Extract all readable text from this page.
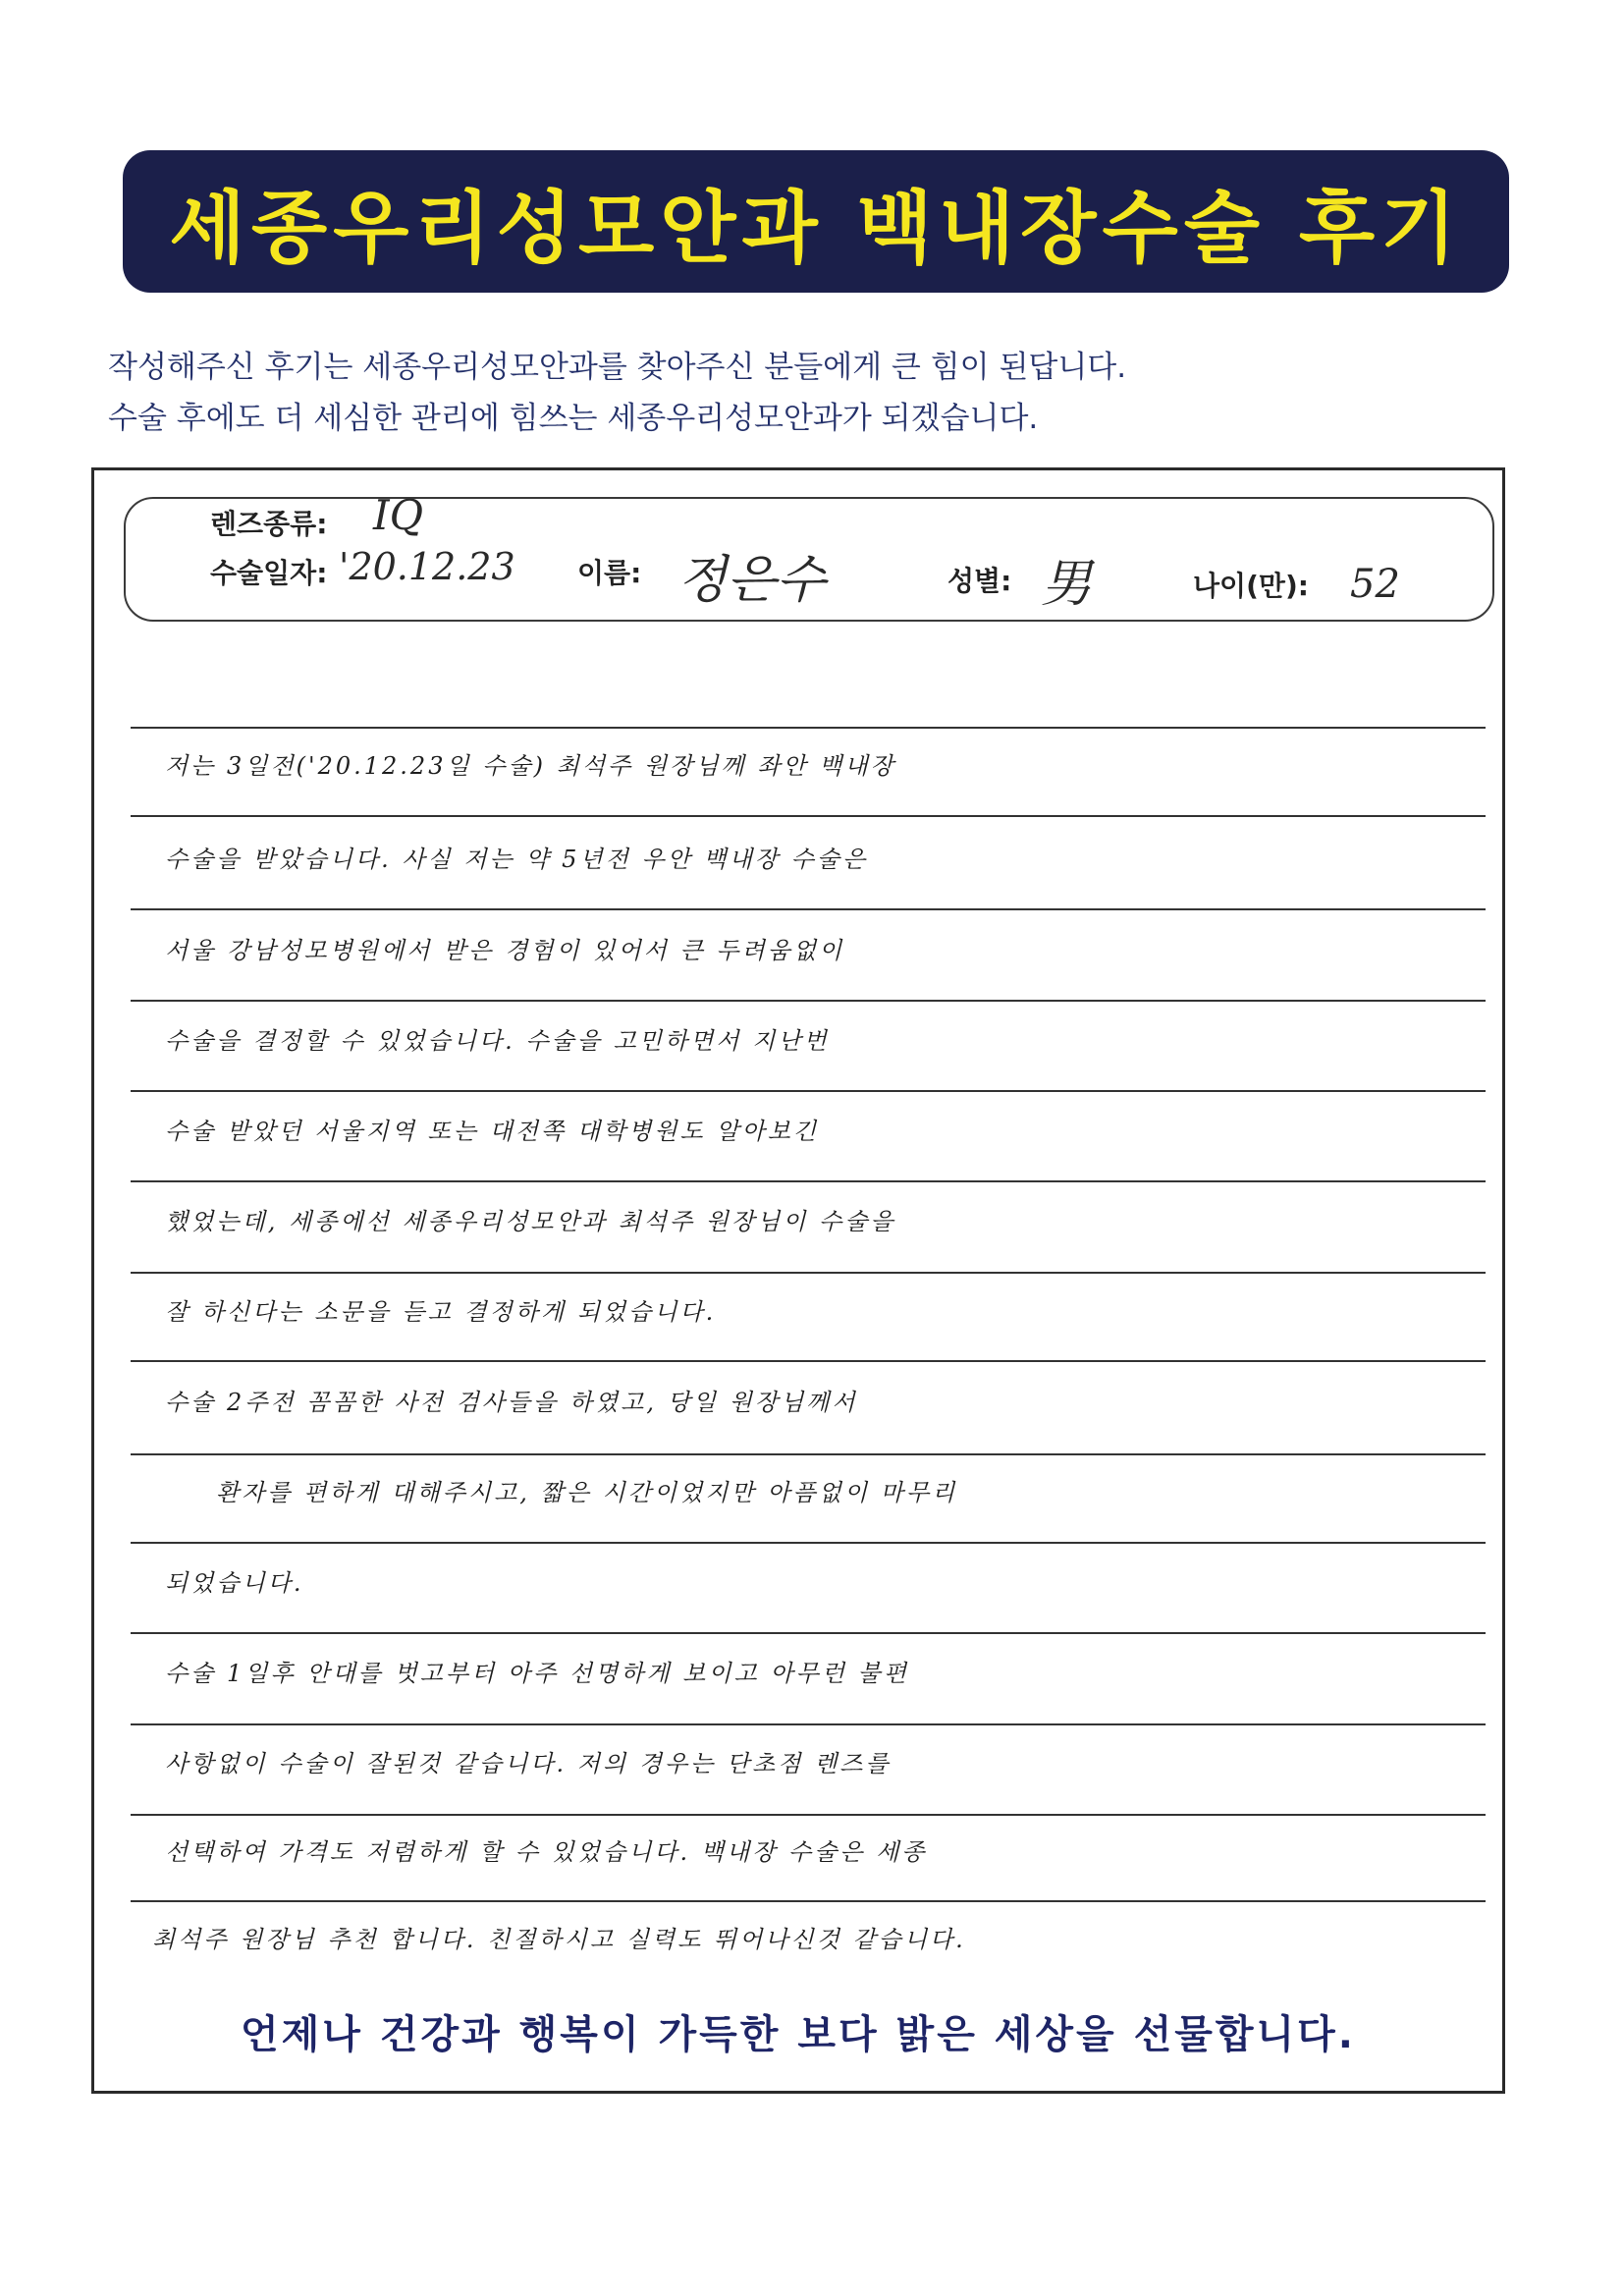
세종우리성모안과 백내장수술 후기
작성해주신 후기는 세종우리성모안과를 찾아주신 분들에게 큰 힘이 된답니다.
수술 후에도 더 세심한 관리에 힘쓰는 세종우리성모안과가 되겠습니다.
렌즈종류: IQ
수술일자: '20.12.23 이름: 정은수	성별: 男	나이(만): 52
저는 3일전('20.12.23일 수술) 최석주 원장님께 좌안 백내장
수술을 받았습니다. 사실 저는 약 5년전 우안 백내장 수술은
서울 강남성모병원에서 받은 경험이 있어서 큰 두려움없이
수술을 결정할 수 있었습니다. 수술을 고민하면서 지난번
수술 받았던 서울지역 또는 대전쪽 대학병원도 알아보긴
했었는데, 세종에선 세종우리성모안과 최석주 원장님이 수술을
잘 하신다는 소문을 듣고 결정하게 되었습니다.
수술 2주전 꼼꼼한 사전 검사들을 하였고, 당일 원장님께서
환자를 편하게 대해주시고, 짧은 시간이었지만 아픔없이 마무리
되었습니다.
수술 1일후 안대를 벗고부터 아주 선명하게 보이고 아무런 불편
사항없이 수술이 잘된것 같습니다. 저의 경우는 단초점 렌즈를
선택하여 가격도 저렴하게 할 수 있었습니다. 백내장 수술은 세종
최석주 원장님 추천 합니다. 친절하시고 실력도 뛰어나신것 같습니다.
언제나 건강과 행복이 가득한 보다 밝은 세상을 선물합니다.
